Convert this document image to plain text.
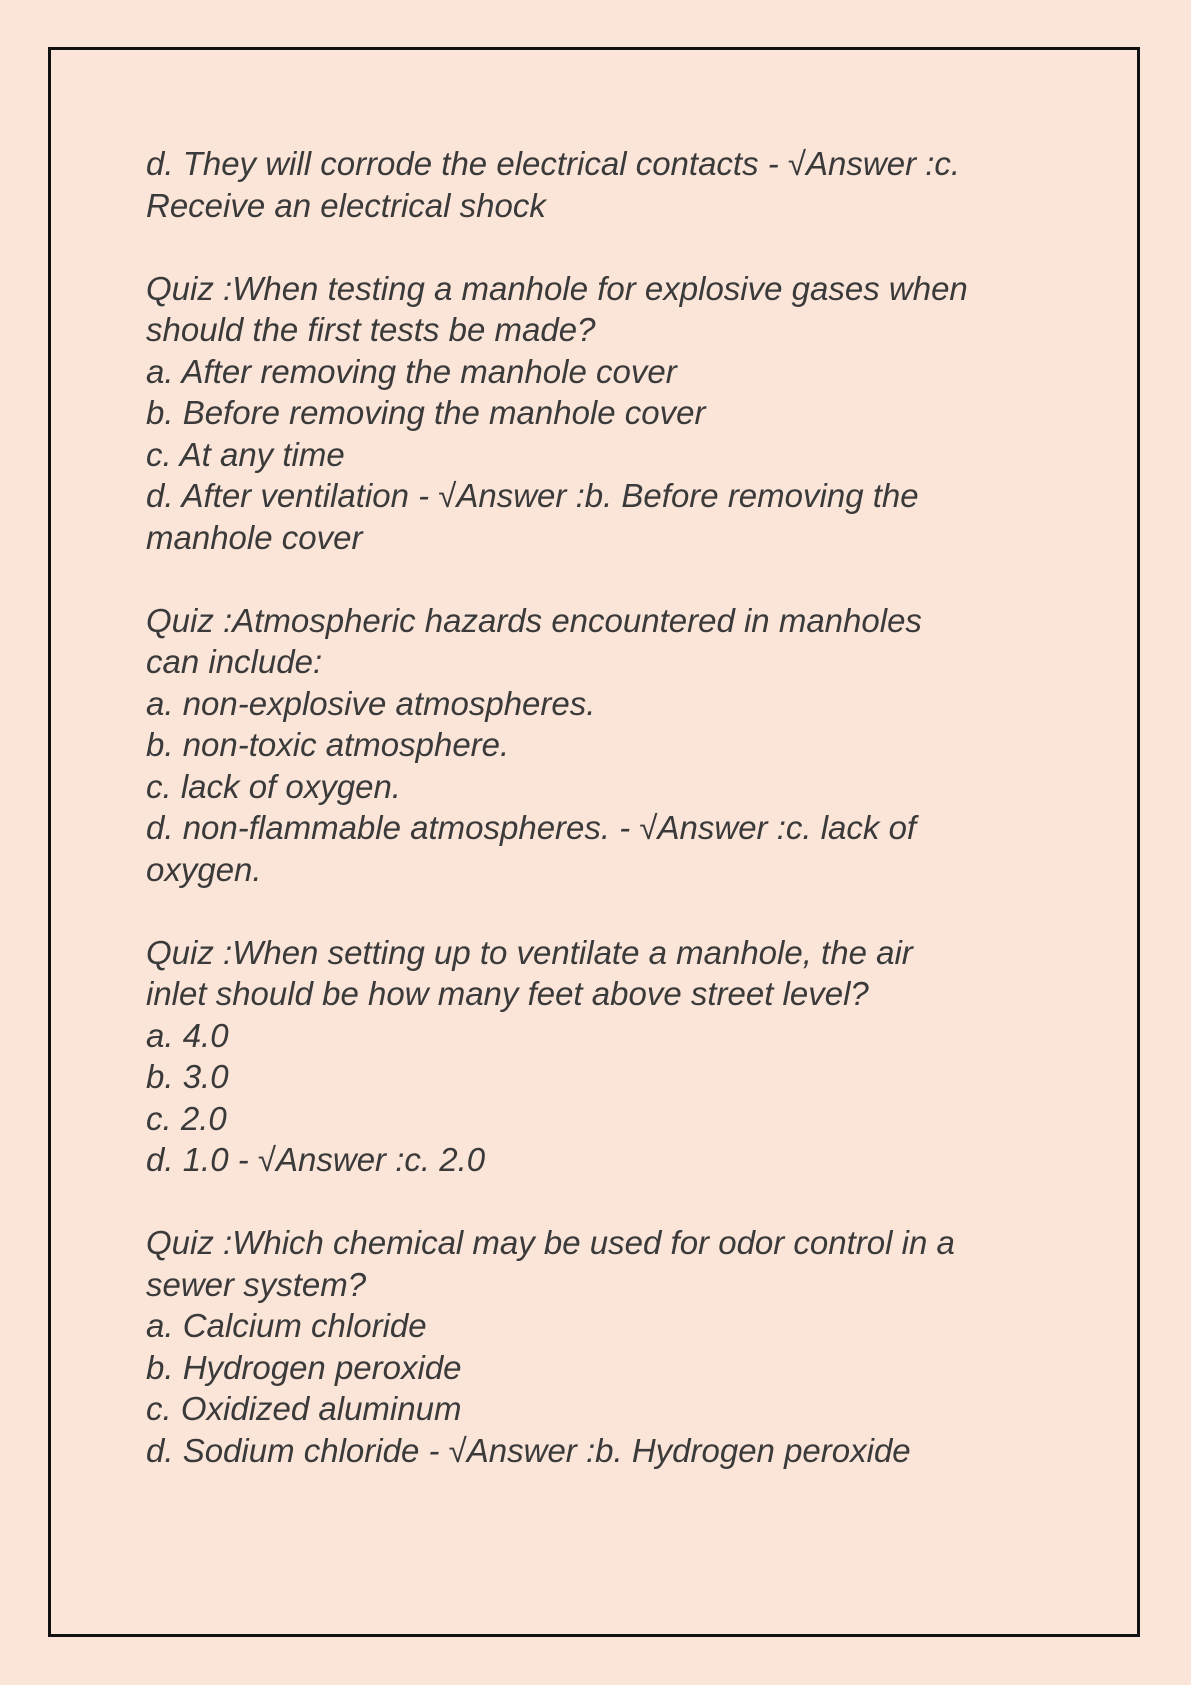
d. They will corrode the electrical contacts - √Answer :c.
Receive an electrical shock
Quiz :When testing a manhole for explosive gases when
should the first tests be made?
a. After removing the manhole cover
b. Before removing the manhole cover
c. At any time
d. After ventilation - √Answer :b. Before removing the
manhole cover
Quiz :Atmospheric hazards encountered in manholes
can include:
a. non-explosive atmospheres.
b. non-toxic atmosphere.
c. lack of oxygen.
d. non-flammable atmospheres. - √Answer :c. lack of
oxygen.
Quiz :When setting up to ventilate a manhole, the air
inlet should be how many feet above street level?
a. 4.0
b. 3.0
c. 2.0
d. 1.0 - √Answer :c. 2.0
Quiz :Which chemical may be used for odor control in a
sewer system?
a. Calcium chloride
b. Hydrogen peroxide
c. Oxidized aluminum
d. Sodium chloride - √Answer :b. Hydrogen peroxide
